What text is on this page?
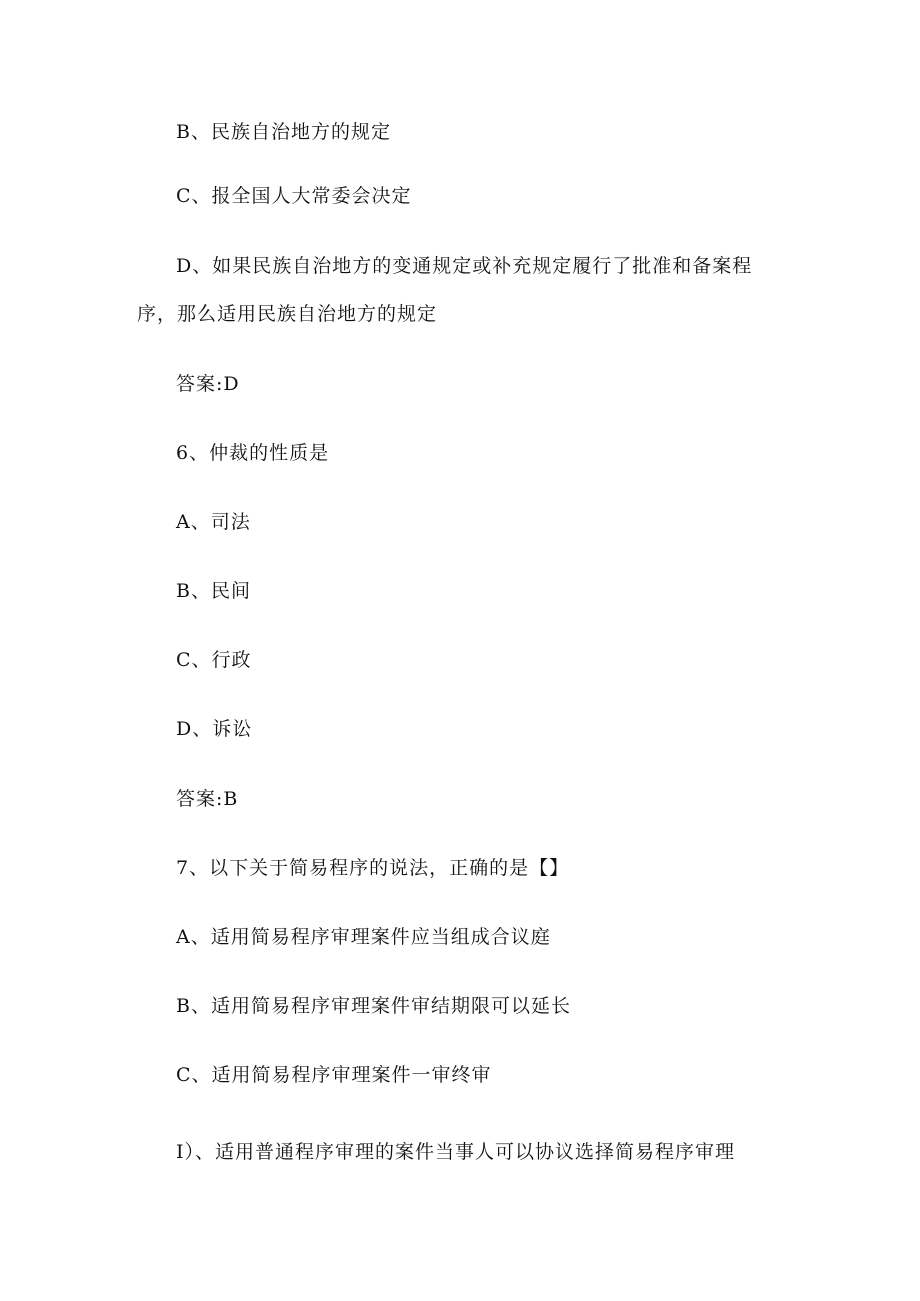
B、民族自治地方的规定
C、报全国人大常委会决定
D、如果民族自治地方的变通规定或补充规定履行了批准和备案程
序，那么适用民族自治地方的规定
答案:D
6、仲裁的性质是
A、司法
B、民间
C、行政
D、诉讼
答案:B
7、以下关于简易程序的说法，正确的是【】
A、适用简易程序审理案件应当组成合议庭
B、适用简易程序审理案件审结期限可以延长
C、适用简易程序审理案件一审终审
I）、适用普通程序审理的案件当事人可以协议选择简易程序审理
